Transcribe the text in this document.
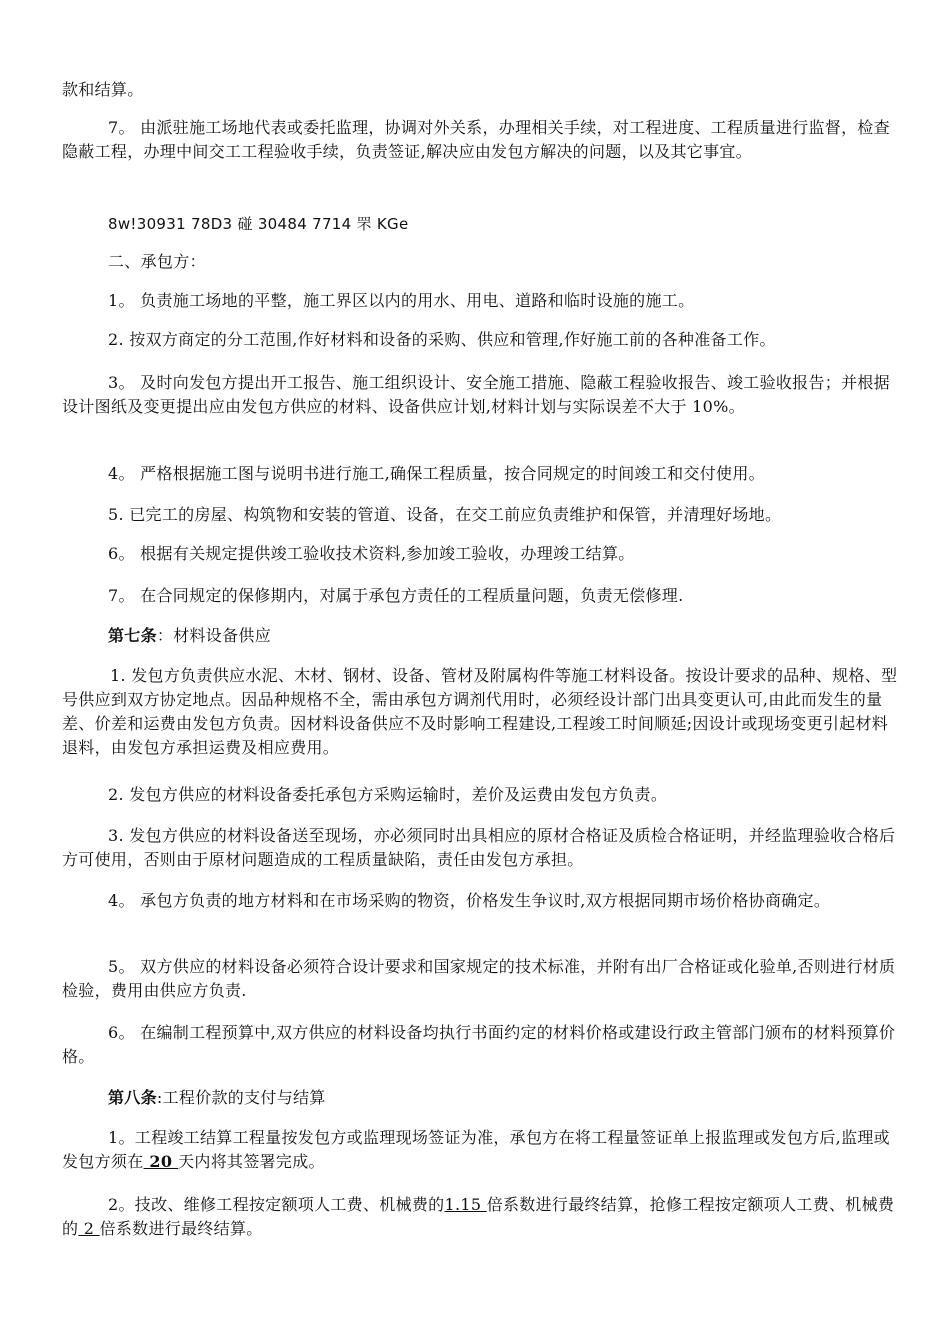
款和结算。

7。 由派驻施工场地代表或委托监理，协调对外关系，办理相关手续，对工程进度、工程质量进行监督，检查隐蔽工程，办理中间交工工程验收手续，负责签证,解决应由发包方解决的问题，以及其它事宜。

8w!30931 78D3 碰 30484 7714 罘 KGe

二、承包方：

1。 负责施工场地的平整，施工界区以内的用水、用电、道路和临时设施的施工。

2. 按双方商定的分工范围,作好材料和设备的采购、供应和管理,作好施工前的各种准备工作。

3。 及时向发包方提出开工报告、施工组织设计、安全施工措施、隐蔽工程验收报告、竣工验收报告；并根据设计图纸及变更提出应由发包方供应的材料、设备供应计划,材料计划与实际误差不大于 10%。

4。 严格根据施工图与说明书进行施工,确保工程质量，按合同规定的时间竣工和交付使用。

5. 已完工的房屋、构筑物和安装的管道、设备，在交工前应负责维护和保管，并清理好场地。

6。 根据有关规定提供竣工验收技术资料,参加竣工验收，办理竣工结算。

7。 在合同规定的保修期内，对属于承包方责任的工程质量问题，负责无偿修理.

第七条：材料设备供应

1. 发包方负责供应水泥、木材、钢材、设备、管材及附属构件等施工材料设备。按设计要求的品种、规格、型号供应到双方协定地点。因品种规格不全，需由承包方调剂代用时，必须经设计部门出具变更认可,由此而发生的量差、价差和运费由发包方负责。因材料设备供应不及时影响工程建设,工程竣工时间顺延;因设计或现场变更引起材料退料，由发包方承担运费及相应费用。

2. 发包方供应的材料设备委托承包方采购运输时，差价及运费由发包方负责。

3. 发包方供应的材料设备送至现场，亦必须同时出具相应的原材合格证及质检合格证明，并经监理验收合格后方可使用，否则由于原材问题造成的工程质量缺陷，责任由发包方承担。

4。 承包方负责的地方材料和在市场采购的物资，价格发生争议时,双方根据同期市场价格协商确定。

5。 双方供应的材料设备必须符合设计要求和国家规定的技术标准，并附有出厂合格证或化验单,否则进行材质检验，费用由供应方负责.

6。 在编制工程预算中,双方供应的材料设备均执行书面约定的材料价格或建设行政主管部门颁布的材料预算价格。

第八条:工程价款的支付与结算

1。工程竣工结算工程量按发包方或监理现场签证为准，承包方在将工程量签证单上报监理或发包方后,监理或发包方须在 20 天内将其签署完成。

2。技改、维修工程按定额项人工费、机械费的1.15 倍系数进行最终结算，抢修工程按定额项人工费、机械费的 2 倍系数进行最终结算。
